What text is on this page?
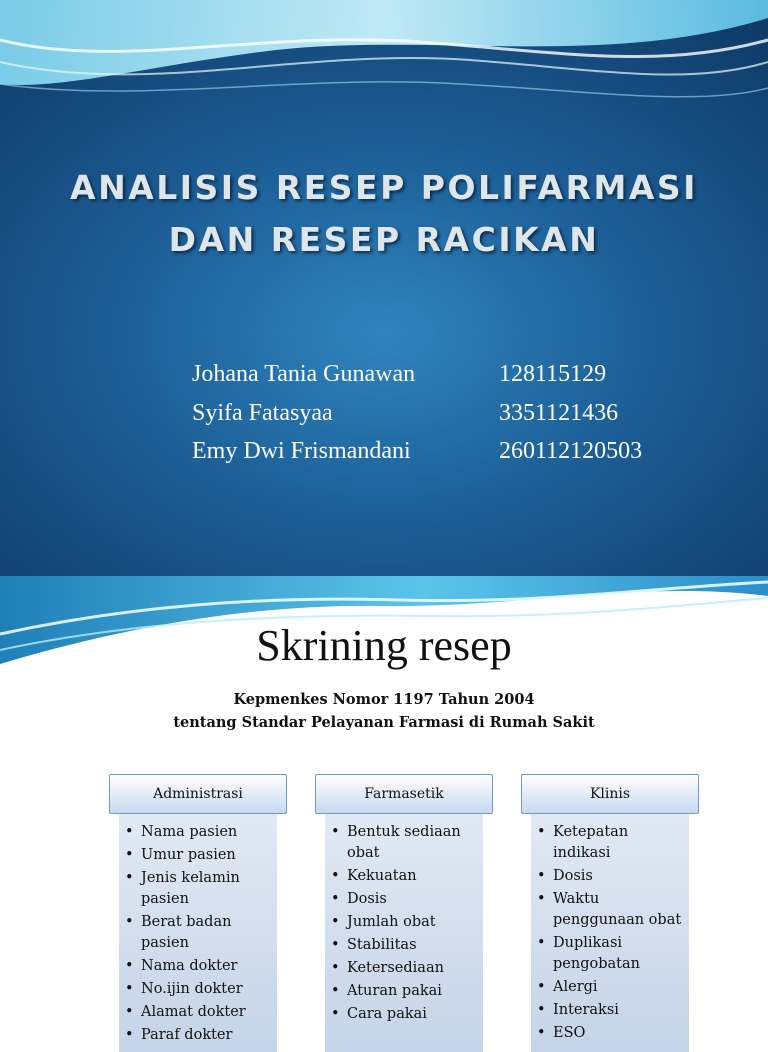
ANALISIS RESEP POLIFARMASI
DAN RESEP RACIKAN
Johana Tania Gunawan	128115129
Syifa Fatasyaa	3351121436
Emy Dwi Frismandani	260112120503
Skrining resep
Kepmenkes Nomor 1197 Tahun 2004
tentang Standar Pelayanan Farmasi di Rumah Sakit
Administrasi
• Nama pasien
• Umur pasien
• Jenis kelamin pasien
• Berat badan pasien
• Nama dokter
• No.ijin dokter
• Alamat dokter
• Paraf dokter
Farmasetik
• Bentuk sediaan obat
• Kekuatan
• Dosis
• Jumlah obat
• Stabilitas
• Ketersediaan
• Aturan pakai
• Cara pakai
Klinis
• Ketepatan indikasi
• Dosis
• Waktu penggunaan obat
• Duplikasi pengobatan
• Alergi
• Interaksi
• ESO
